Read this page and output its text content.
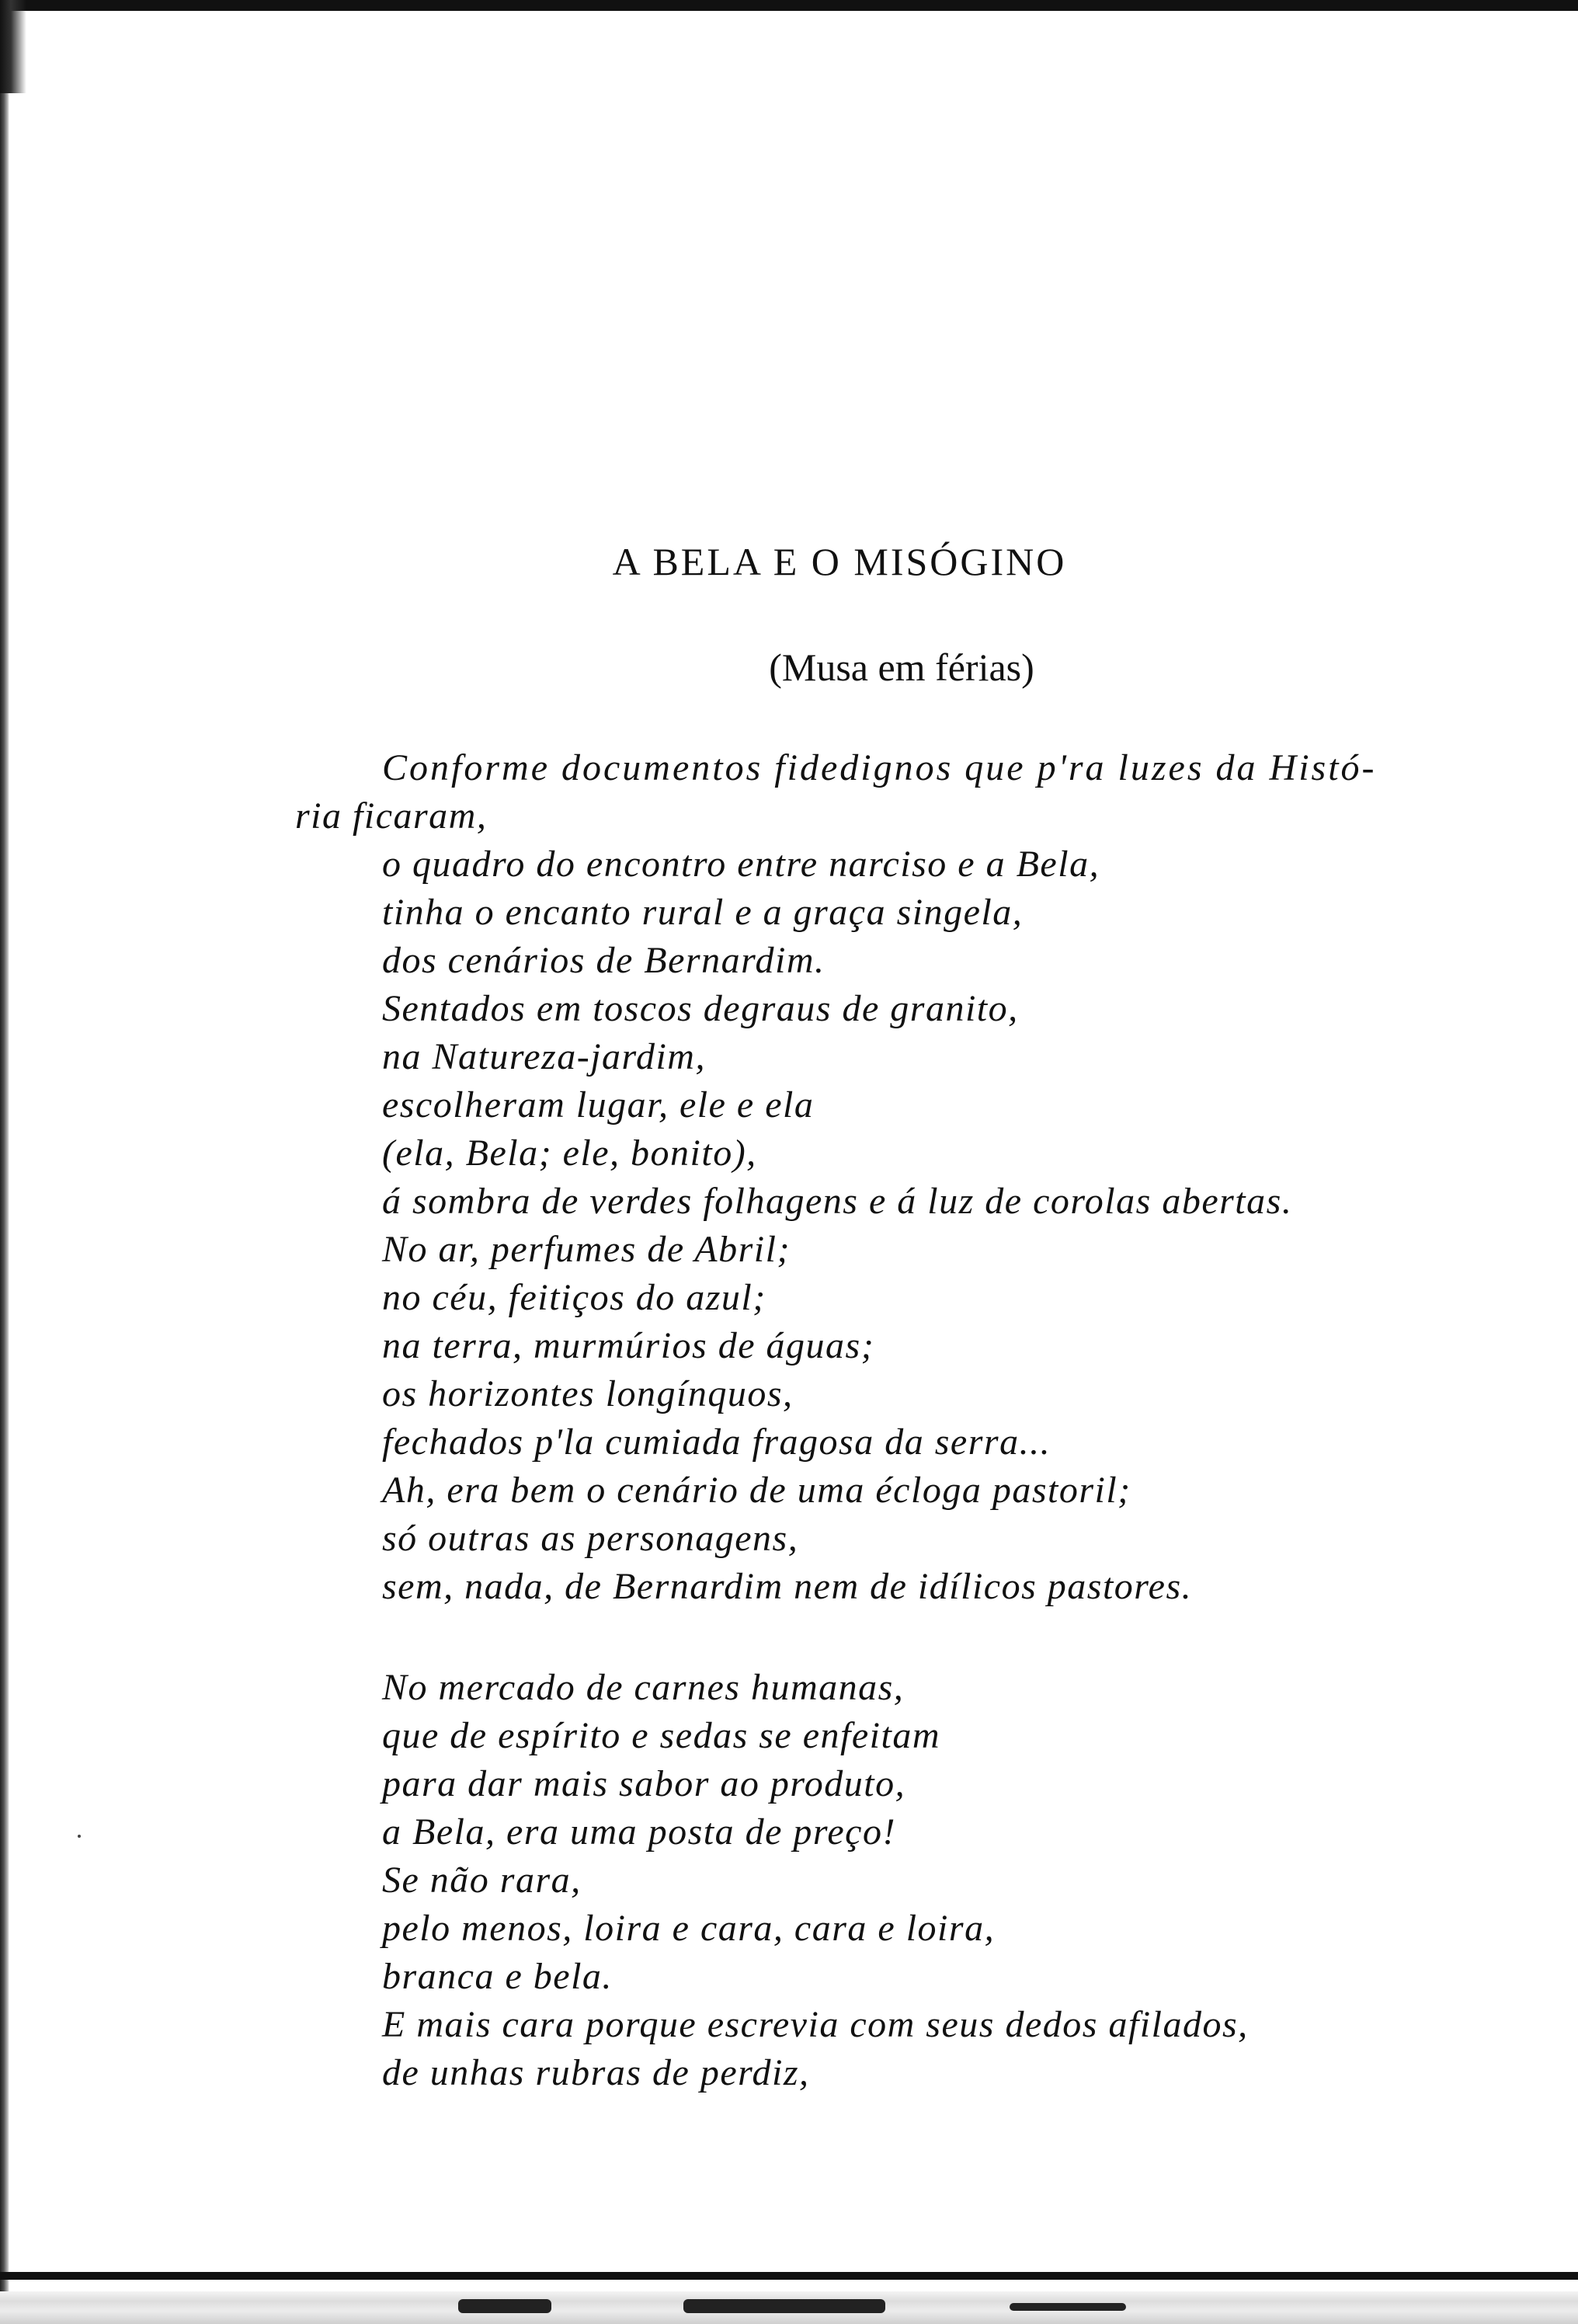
A BELA E O MISÓGINO
(Musa em férias)
Conforme documentos fidedignos que p'ra luzes da Histó-
ria ficaram,
o quadro do encontro entre narciso e a Bela,
tinha o encanto rural e a graça singela,
dos cenários de Bernardim.
Sentados em toscos degraus de granito,
na Natureza-jardim,
escolheram lugar, ele e ela
(ela, Bela; ele, bonito),
á sombra de verdes folhagens e á luz de corolas abertas.
No ar, perfumes de Abril;
no céu, feitiços do azul;
na terra, murmúrios de águas;
os horizontes longínquos,
fechados p'la cumiada fragosa da serra...
Ah, era bem o cenário de uma écloga pastoril;
só outras as personagens,
sem, nada, de Bernardim nem de idílicos pastores.
No mercado de carnes humanas,
que de espírito e sedas se enfeitam
para dar mais sabor ao produto,
a Bela, era uma posta de preço!
Se não rara,
pelo menos, loira e cara, cara e loira,
branca e bela.
E mais cara porque escrevia com seus dedos afilados,
de unhas rubras de perdiz,
